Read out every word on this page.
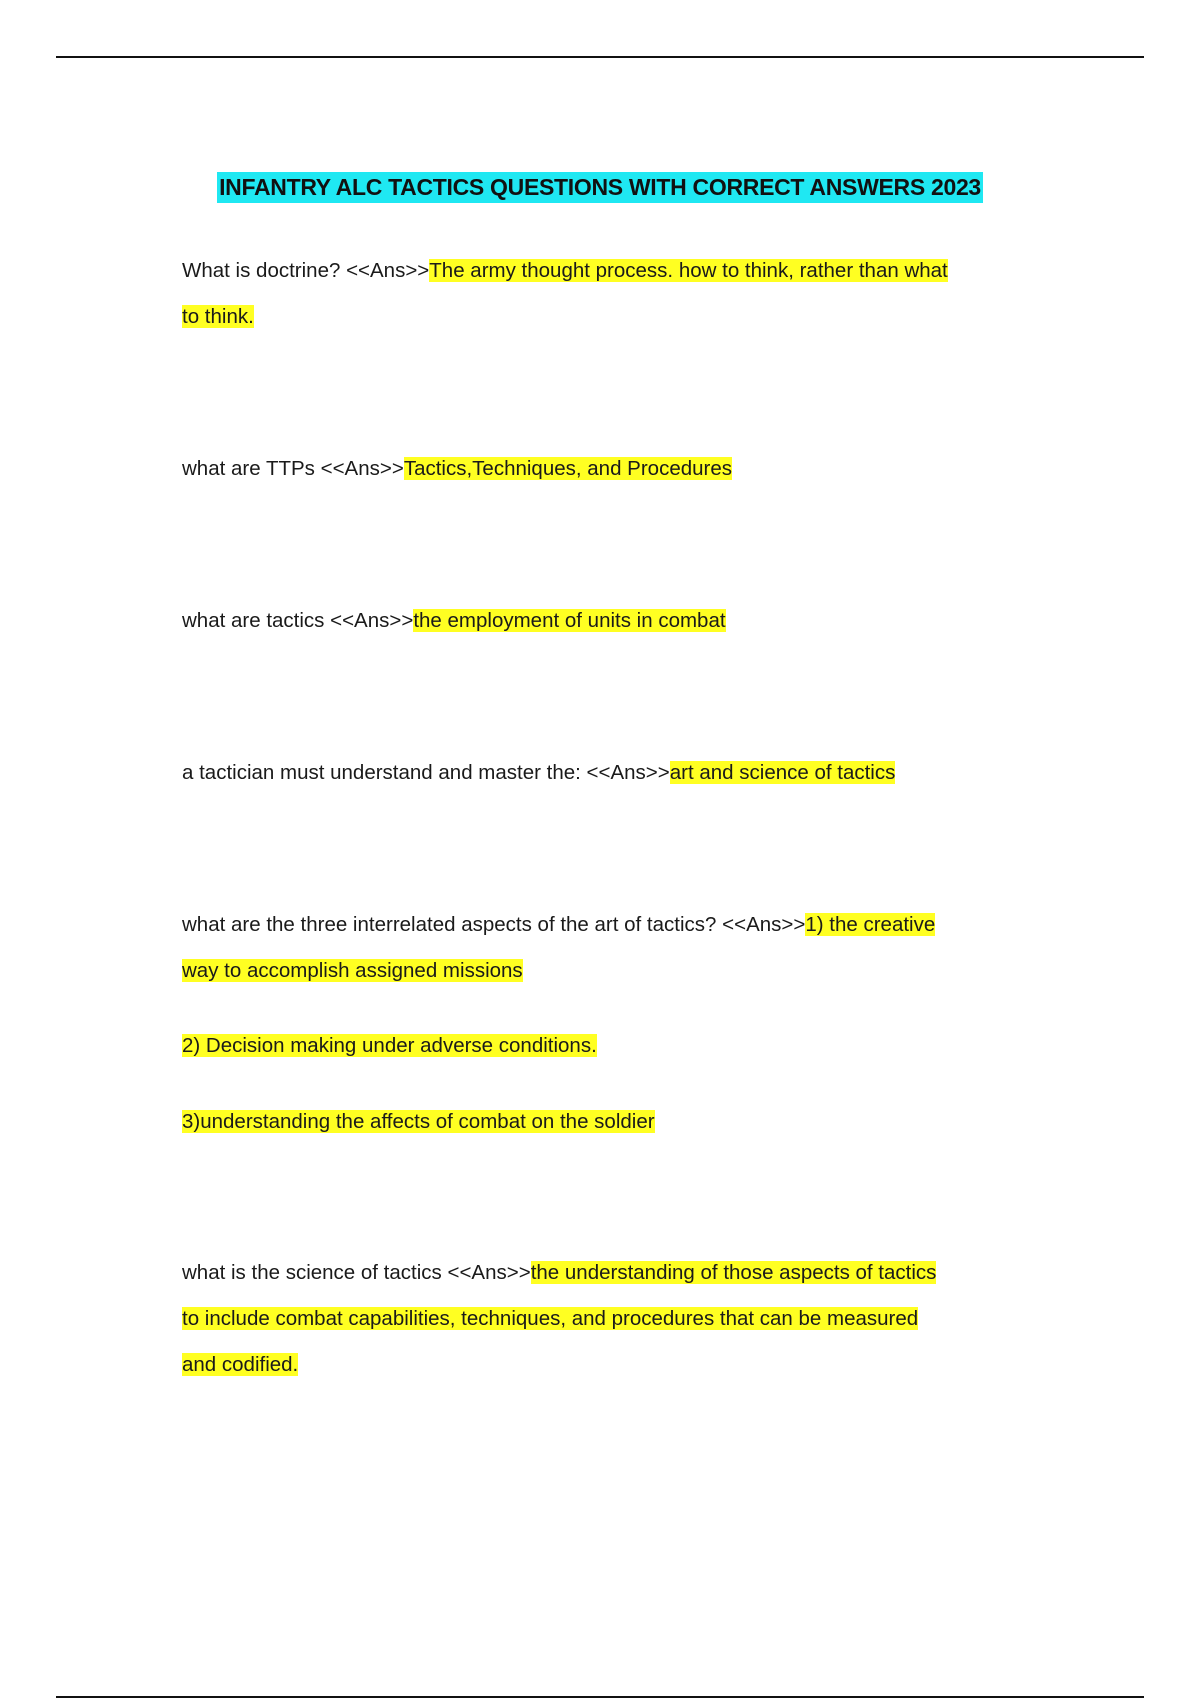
INFANTRY ALC TACTICS QUESTIONS WITH CORRECT ANSWERS 2023
What is doctrine? <<Ans>>The army thought process. how to think, rather than what
to think.
what are TTPs <<Ans>>Tactics,Techniques, and Procedures
what are tactics <<Ans>>the employment of units in combat
a tactician must understand and master the: <<Ans>>art and science of tactics
what are the three interrelated aspects of the art of tactics? <<Ans>>1) the creative
way to accomplish assigned missions
2) Decision making under adverse conditions.
3)understanding the affects of combat on the soldier
what is the science of tactics <<Ans>>the understanding of those aspects of tactics
to include combat capabilities, techniques, and procedures that can be measured
and codified.
